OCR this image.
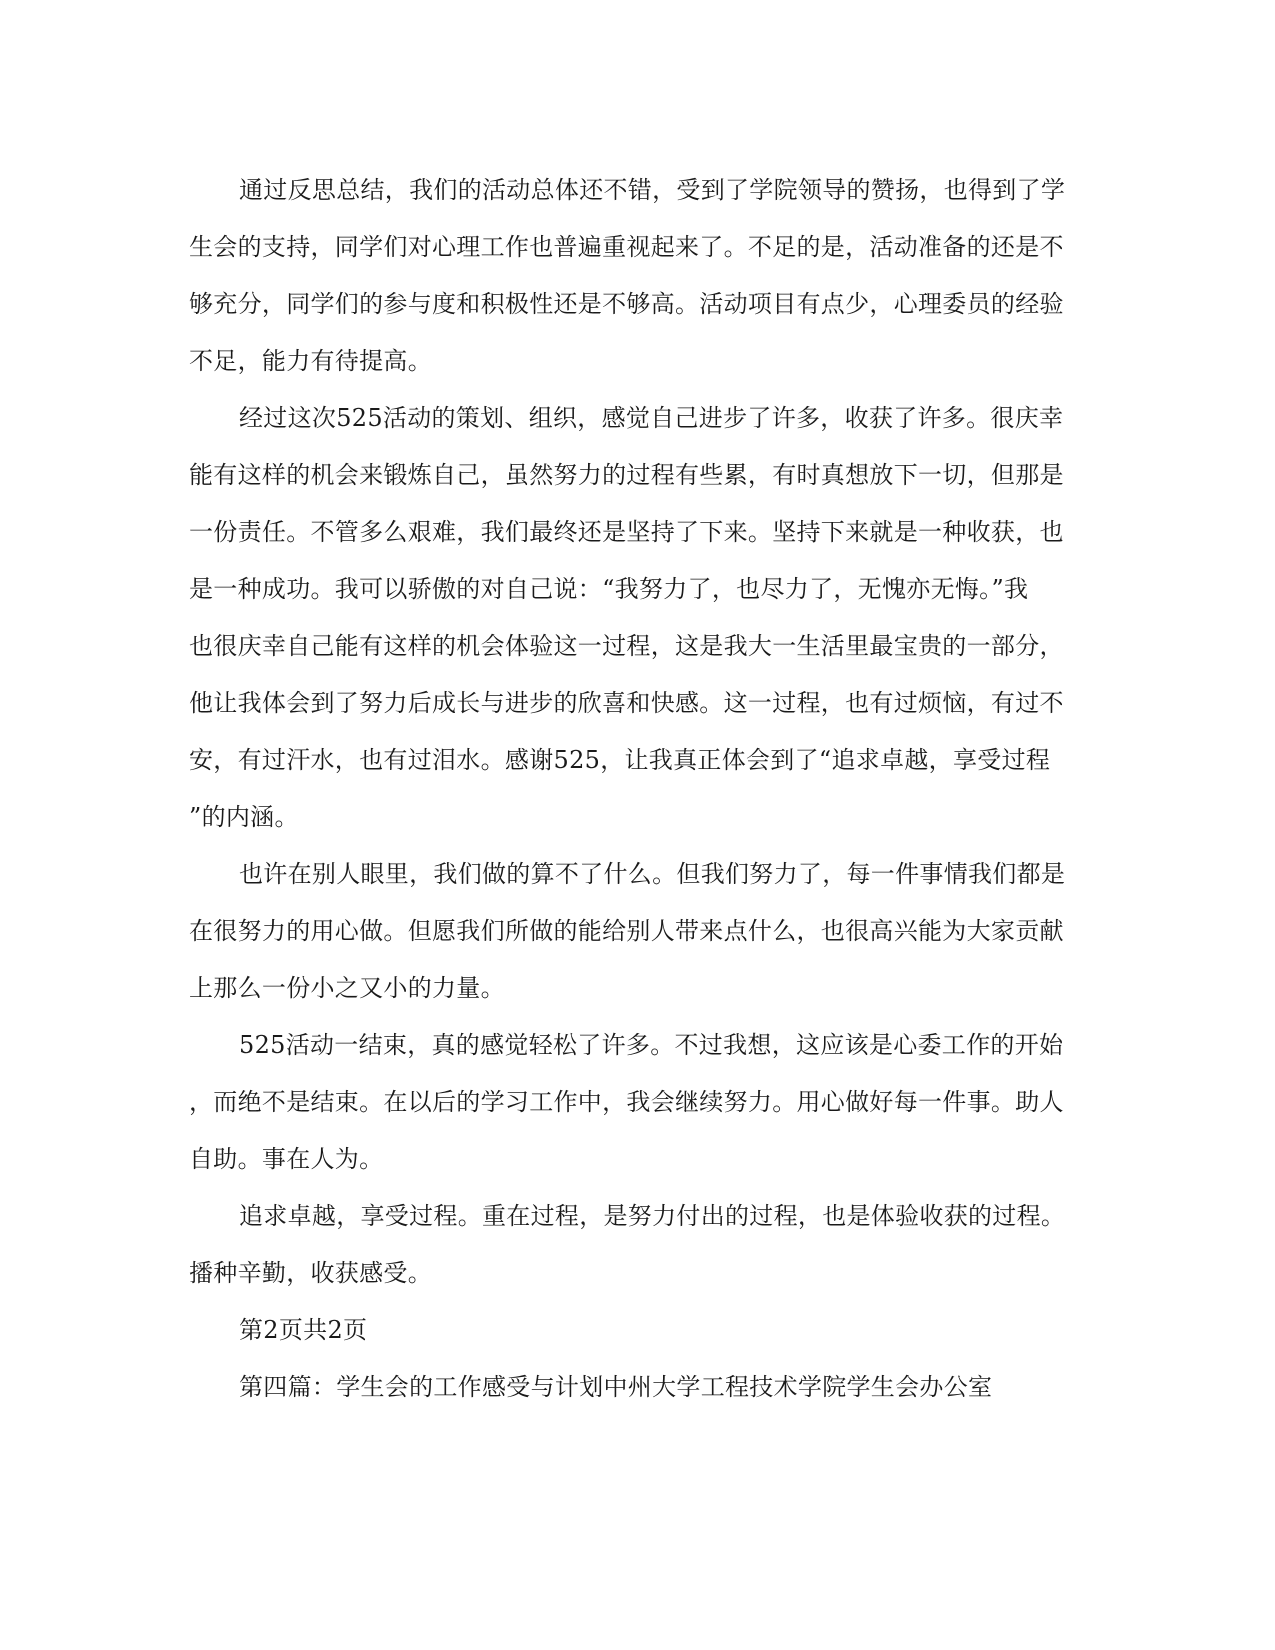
通过反思总结，我们的活动总体还不错，受到了学院领导的赞扬，也得到了学
生会的支持，同学们对心理工作也普遍重视起来了。不足的是，活动准备的还是不
够充分，同学们的参与度和积极性还是不够高。活动项目有点少，心理委员的经验
不足，能力有待提高。
经过这次525活动的策划、组织，感觉自己进步了许多，收获了许多。很庆幸
能有这样的机会来锻炼自己，虽然努力的过程有些累，有时真想放下一切，但那是
一份责任。不管多么艰难，我们最终还是坚持了下来。坚持下来就是一种收获，也
是一种成功。我可以骄傲的对自己说：“我努力了，也尽力了，无愧亦无悔。”我
也很庆幸自己能有这样的机会体验这一过程，这是我大一生活里最宝贵的一部分，
他让我体会到了努力后成长与进步的欣喜和快感。这一过程，也有过烦恼，有过不
安，有过汗水，也有过泪水。感谢525，让我真正体会到了“追求卓越，享受过程
”的内涵。
也许在别人眼里，我们做的算不了什么。但我们努力了，每一件事情我们都是
在很努力的用心做。但愿我们所做的能给别人带来点什么，也很高兴能为大家贡献
上那么一份小之又小的力量。
525活动一结束，真的感觉轻松了许多。不过我想，这应该是心委工作的开始
，而绝不是结束。在以后的学习工作中，我会继续努力。用心做好每一件事。助人
自助。事在人为。
追求卓越，享受过程。重在过程，是努力付出的过程，也是体验收获的过程。
播种辛勤，收获感受。
第2页共2页
第四篇：学生会的工作感受与计划中州大学工程技术学院学生会办公室
